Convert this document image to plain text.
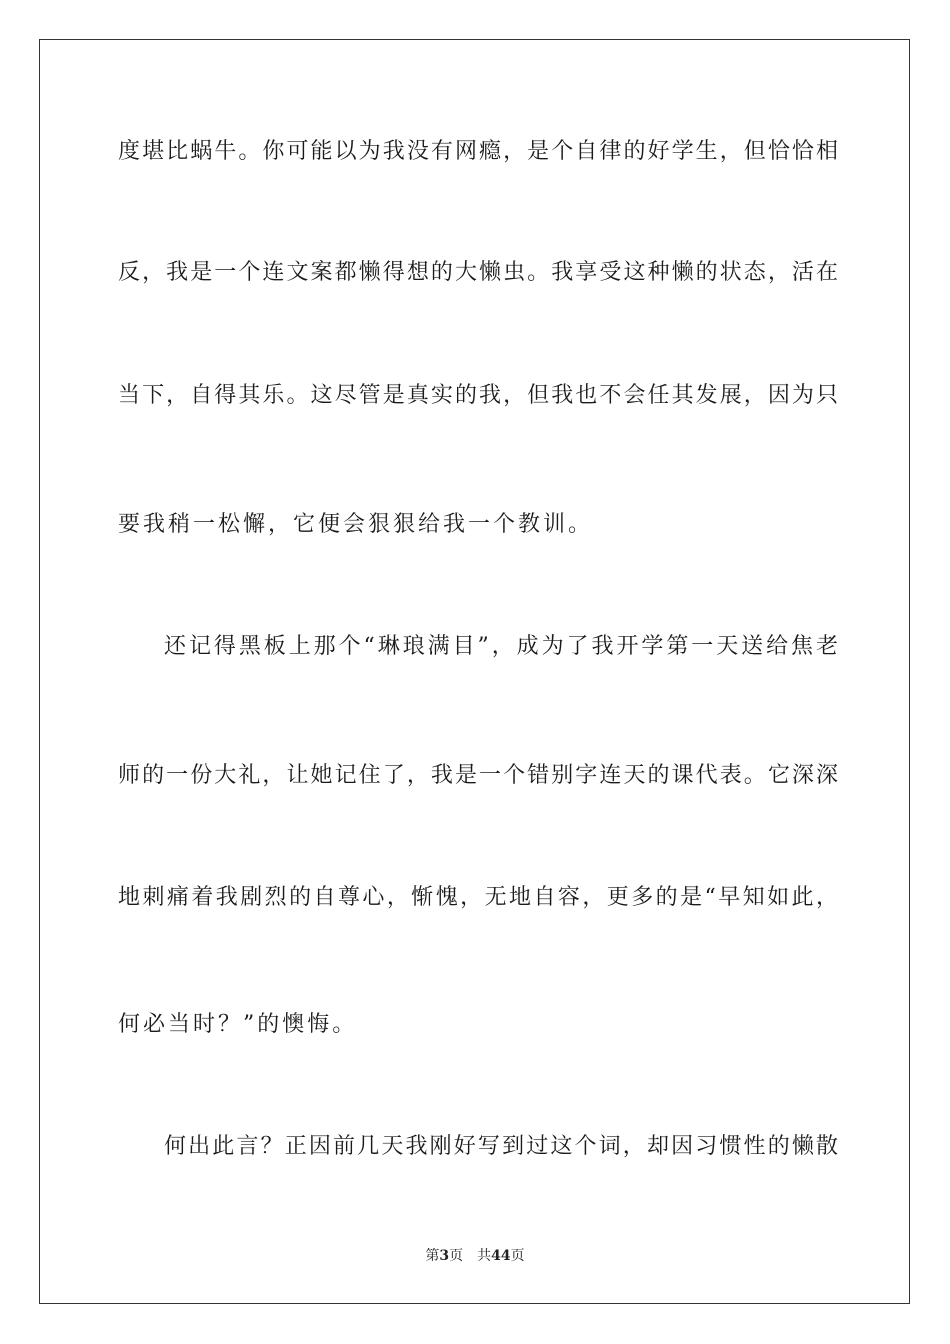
度堪比蜗牛。你可能以为我没有网瘾，是个自律的好学生，但恰恰相
反，我是一个连文案都懒得想的大懒虫。我享受这种懒的状态，活在
当下，自得其乐。这尽管是真实的我，但我也不会任其发展，因为只
要我稍一松懈，它便会狠狠给我一个教训。
还记得黑板上那个“琳琅满目”，成为了我开学第一天送给焦老
师的一份大礼，让她记住了，我是一个错别字连天的课代表。它深深
地刺痛着我剧烈的自尊心，惭愧，无地自容，更多的是“早知如此，
何必当时？”的懊悔。
何出此言？正因前几天我刚好写到过这个词，却因习惯性的懒散
第3页 共44页
